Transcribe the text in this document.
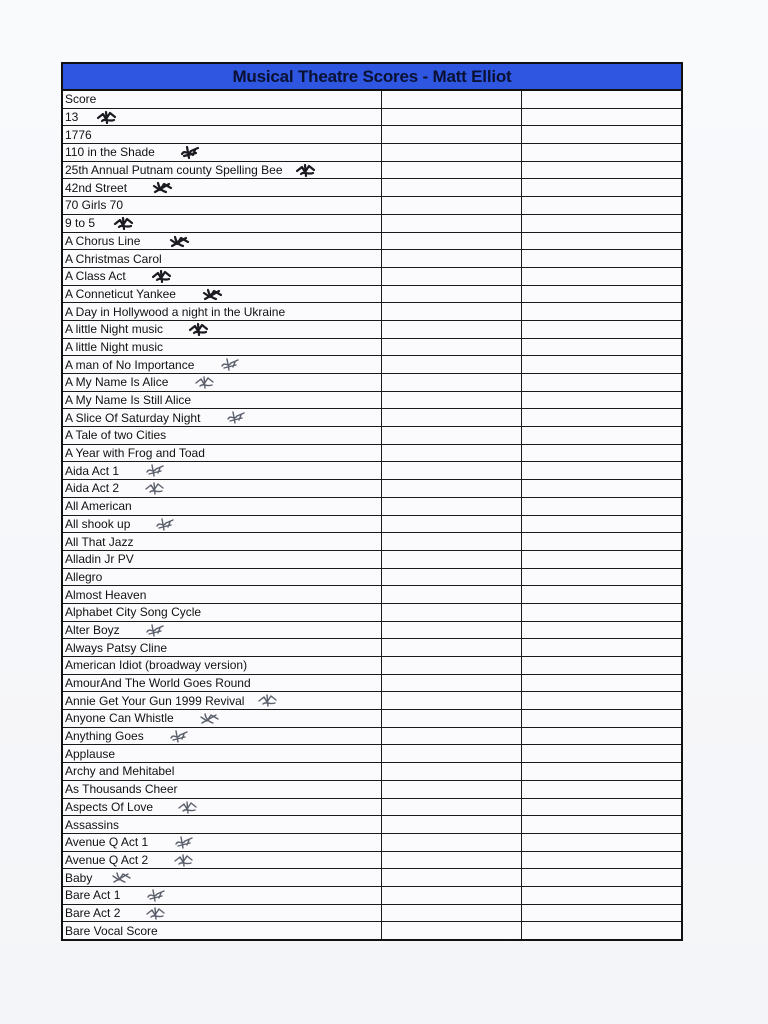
Musical Theatre Scores - Matt Elliot		
Score		
13

1776		
110 in the Shade

25th Annual Putnam county Spelling Bee

42nd Street

70 Girls 70		
9 to 5

A Chorus Line

A Christmas Carol		
A Class Act

A Conneticut Yankee

A Day in Hollywood a night in the Ukraine		
A little Night music

A little Night music		
A man of No Importance

A My Name Is Alice

A My Name Is Still Alice		
A Slice Of Saturday Night

A Tale of two Cities		
A Year with Frog and Toad		
Aida Act 1

Aida Act 2

All American		
All shook up

All That Jazz		
Alladin Jr PV		
Allegro		
Almost Heaven		
Alphabet City Song Cycle		
Alter Boyz

Always Patsy Cline		
American Idiot (broadway version)		
AmourAnd The World Goes Round		
Annie Get Your Gun 1999 Revival

Anyone Can Whistle

Anything Goes

Applause		
Archy and Mehitabel		
As Thousands Cheer		
Aspects Of Love

Assassins		
Avenue Q Act 1

Avenue Q Act 2

Baby

Bare Act 1

Bare Act 2

Bare Vocal Score		
